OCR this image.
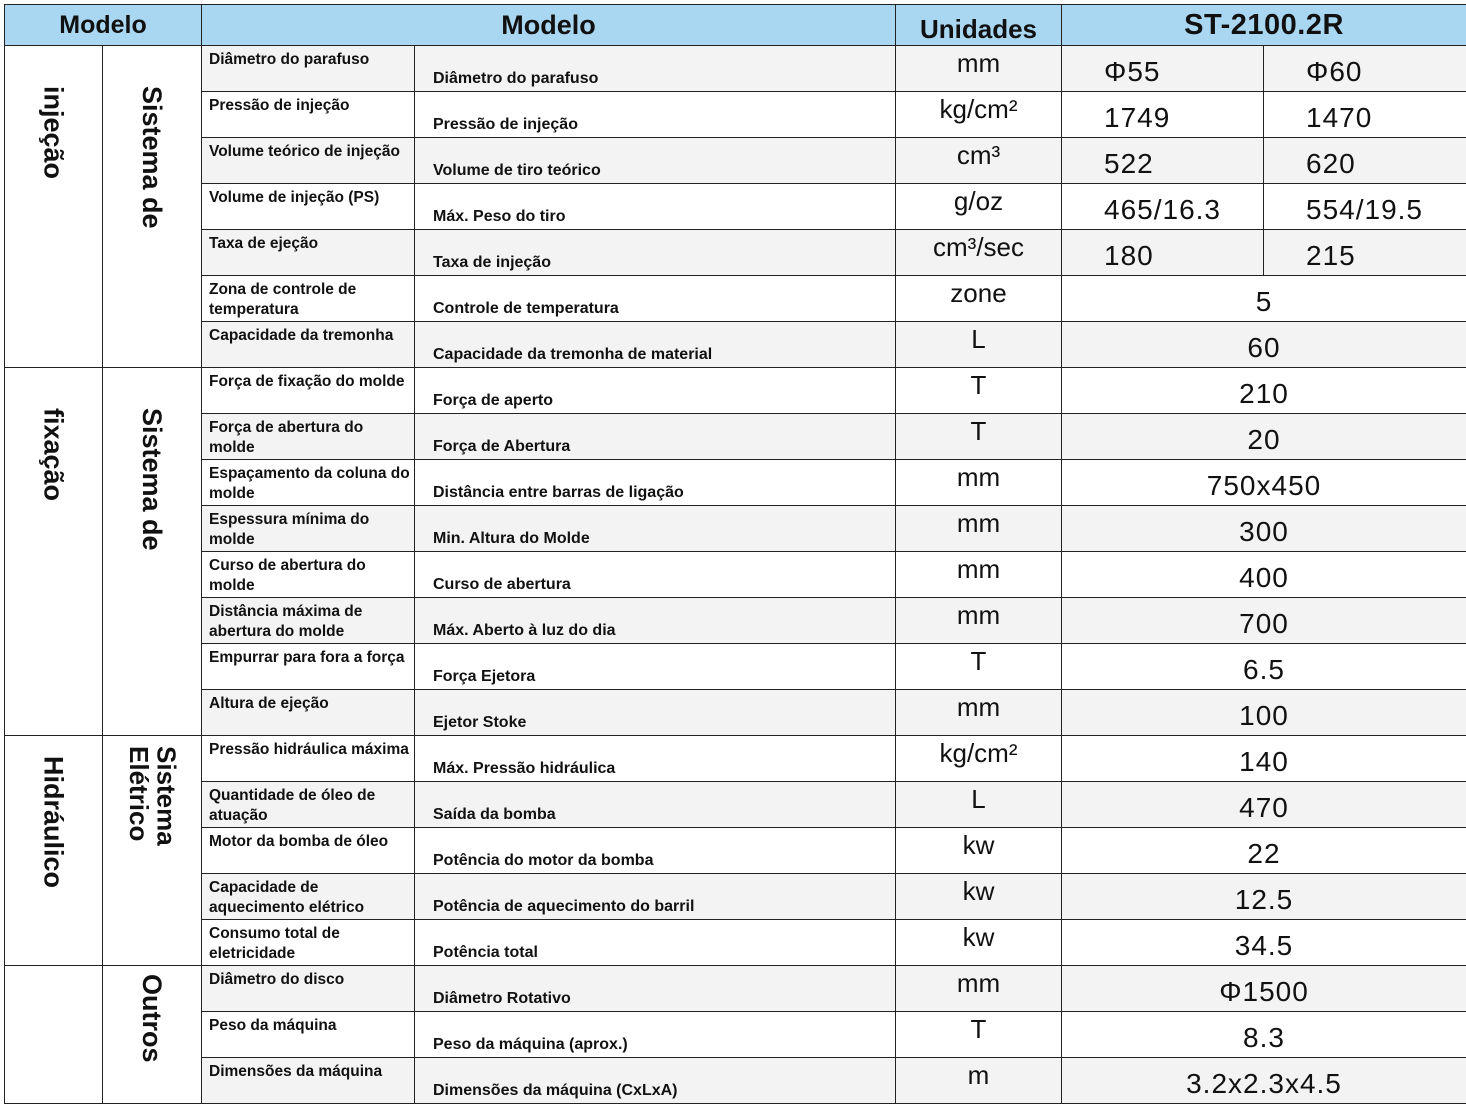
Modelo		Modelo		Unidades	ST-2100.2R	

injeção	Sistema de	Diâmetro do parafuso	Diâmetro do parafuso	mm	Φ55	Φ60
		Pressão de injeção	Pressão de injeção	kg/cm²	1749	1470
		Volume teórico de injeção	Volume de tiro teórico	cm³	522	620
		Volume de injeção (PS)	Máx. Peso do tiro	g/oz	465/16.3	554/19.5
		Taxa de ejeção	Taxa de injeção	cm³/sec	180	215
		Zona de controle de temperatura	Controle de temperatura	zone	5	
		Capacidade da tremonha	Capacidade da tremonha de material	L	60	

fixação	Sistema de	Força de fixação do molde	Força de aperto	T	210	
		Força de abertura do molde	Força de Abertura	T	20	
		Espaçamento da coluna do molde	Distância entre barras de ligação	mm	750x450	
		Espessura mínima do molde	Min. Altura do Molde	mm	300	
		Curso de abertura do molde	Curso de abertura	mm	400	
		Distância máxima de abertura do molde	Máx. Aberto à luz do dia	mm	700	
		Empurrar para fora a força	Força Ejetora	T	6.5	
		Altura de ejeção	Ejetor Stoke	mm	100	

Hidráulico	Sistema Elétrico	Pressão hidráulica máxima	Máx. Pressão hidráulica	kg/cm²	140	
		Quantidade de óleo de atuação	Saída da bomba	L	470	
		Motor da bomba de óleo	Potência do motor da bomba	kw	22	
		Capacidade de aquecimento elétrico	Potência de aquecimento do barril	kw	12.5	
		Consumo total de eletricidade	Potência total	kw	34.5	

	Outros	Diâmetro do disco	Diâmetro Rotativo	mm	Φ1500	
		Peso da máquina	Peso da máquina (aprox.)	T	8.3	
		Dimensões da máquina	Dimensões da máquina (CxLxA)	m	3.2x2.3x4.5	
